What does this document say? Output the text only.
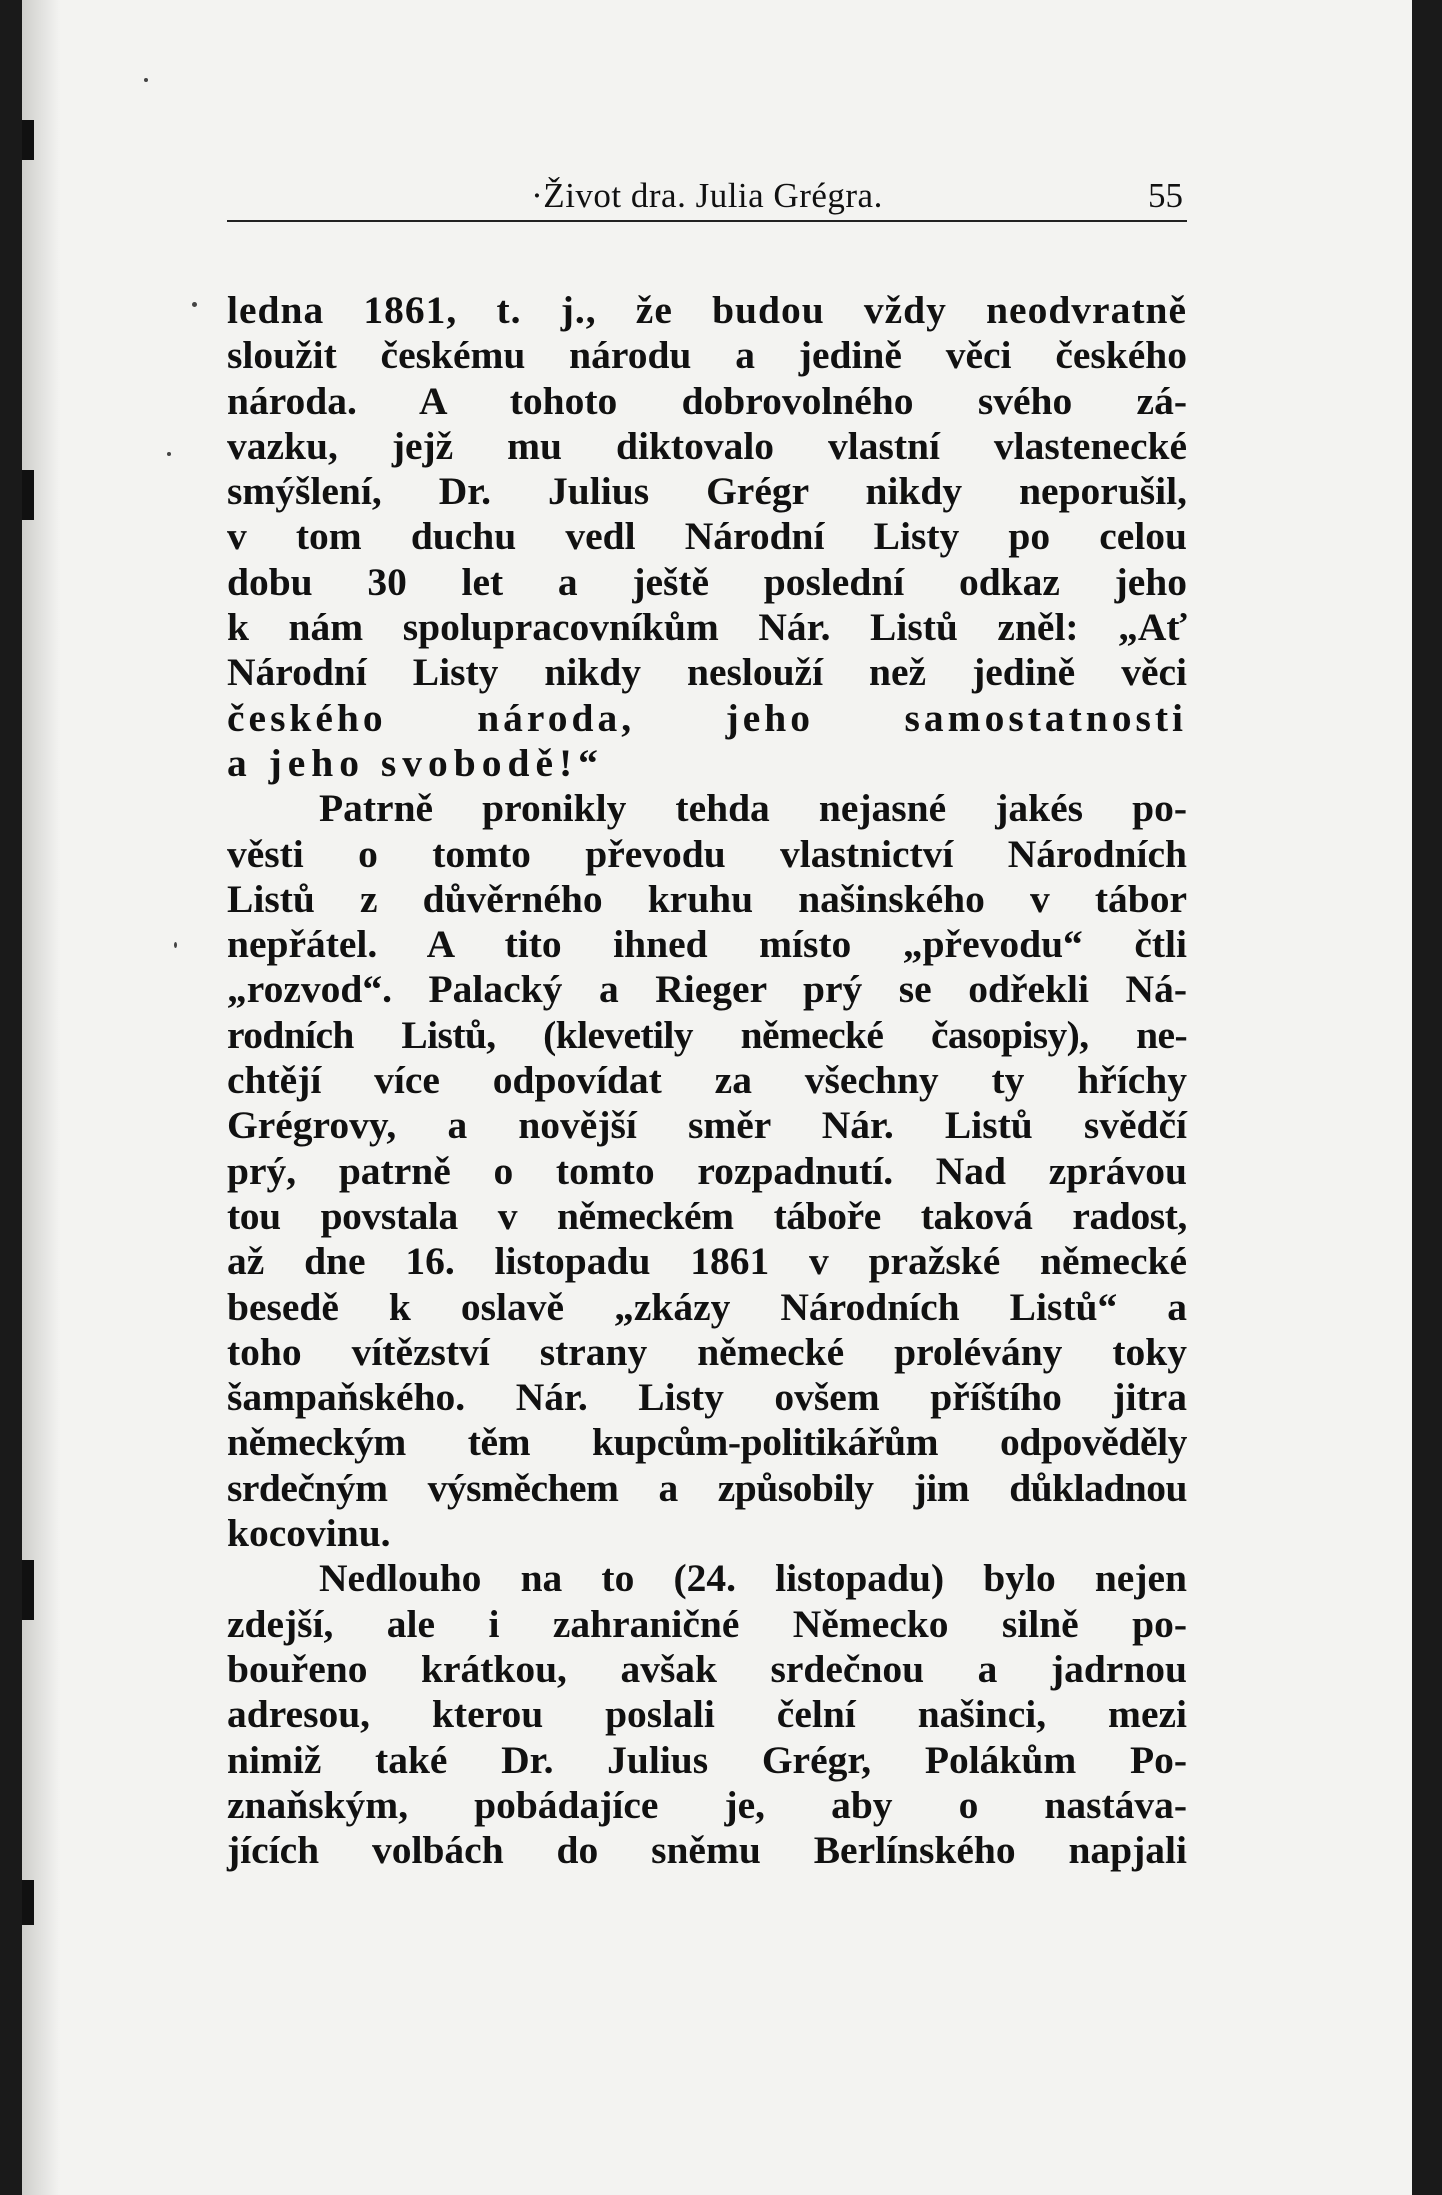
·Život dra. Julia Grégra.	55

ledna 1861, t. j., že budou vždy neodvratně
sloužit českému národu a jedině věci českého
národa. A tohoto dobrovolného svého zá-
vazku, jejž mu diktovalo vlastní vlastenecké
smýšlení, Dr. Julius Grégr nikdy neporušil,
v tom duchu vedl Národní Listy po celou
dobu 30 let a ještě poslední odkaz jeho
k nám spolupracovníkům Nár. Listů zněl: „Ať
Národní Listy nikdy neslouží než jedině věci
českého národa, jeho samostatnosti
a jeho svobodě!“

Patrně pronikly tehda nejasné jakés po-
věsti o tomto převodu vlastnictví Národních
Listů z důvěrného kruhu našinského v tábor
nepřátel. A tito ihned místo „převodu“ čtli
„rozvod“. Palacký a Rieger prý se odřekli Ná-
rodních Listů, (klevetily německé časopisy), ne-
chtějí více odpovídat za všechny ty hříchy
Grégrovy, a novější směr Nár. Listů svědčí
prý, patrně o tomto rozpadnutí. Nad zprávou
tou povstala v německém táboře taková radost,
až dne 16. listopadu 1861 v pražské německé
besedě k oslavě „zkázy Národních Listů“ a
toho vítězství strany německé prolévány toky
šampaňského. Nár. Listy ovšem příštího jitra
německým těm kupcům-politikářům odpověděly
srdečným výsměchem a způsobily jim důkladnou
kocovinu.

Nedlouho na to (24. listopadu) bylo nejen
zdejší, ale i zahraničné Německo silně po-
bouřeno krátkou, avšak srdečnou a jadrnou
adresou, kterou poslali čelní našinci, mezi
nimiž také Dr. Julius Grégr, Polákům Po-
znaňským, pobádajíce je, aby o nastáva-
jících volbách do sněmu Berlínského napjali
